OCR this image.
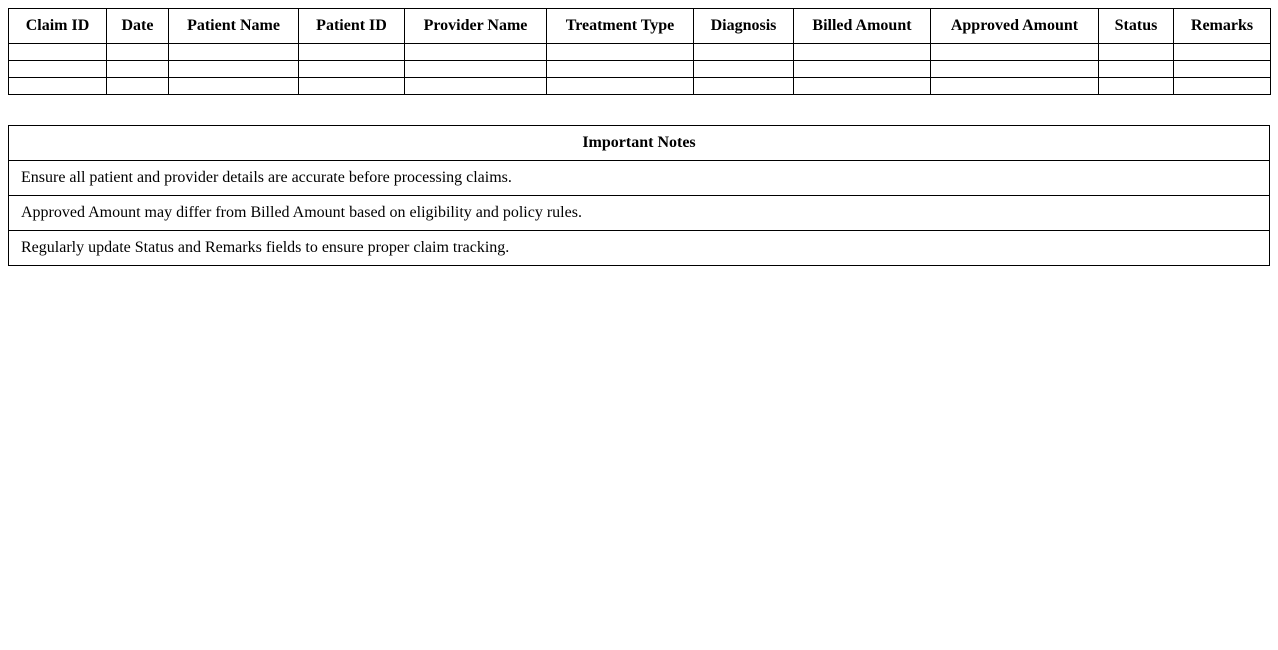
Claim ID	Date	Patient Name	Patient ID	Provider Name	Treatment Type	Diagnosis	Billed Amount	Approved Amount	Status	Remarks

Important Notes
Ensure all patient and provider details are accurate before processing claims.
Approved Amount may differ from Billed Amount based on eligibility and policy rules.
Regularly update Status and Remarks fields to ensure proper claim tracking.
